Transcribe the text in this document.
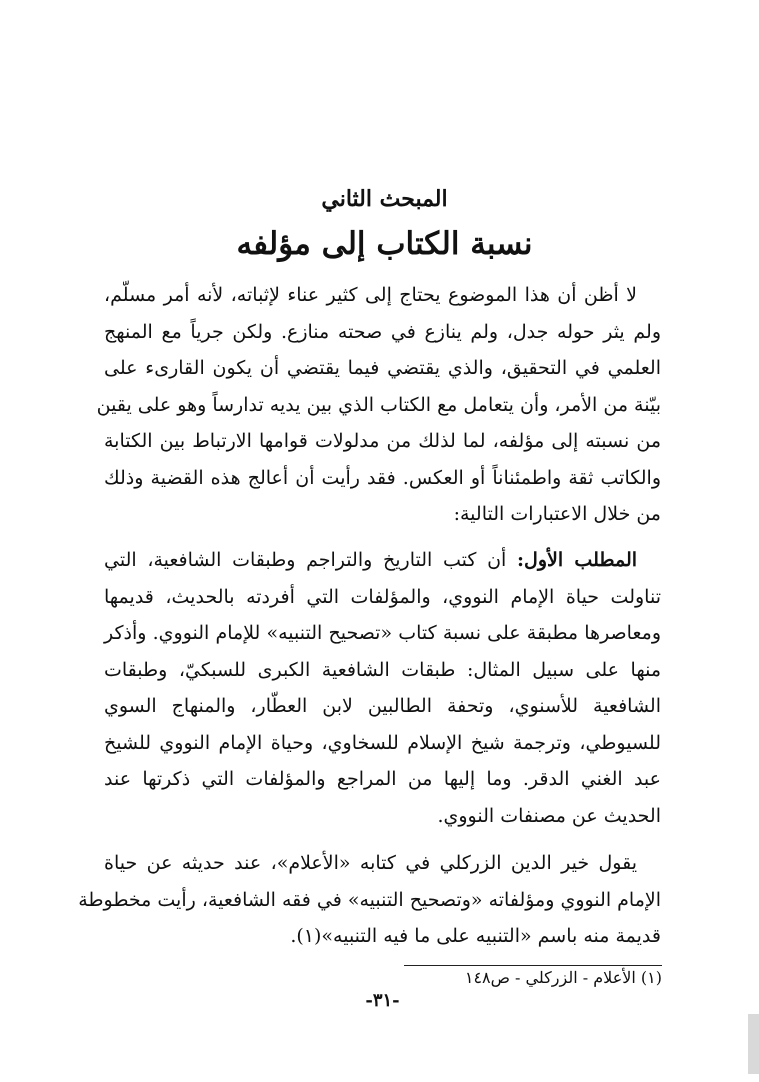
المبحث الثاني
نسبة الكتاب إلى مؤلفه
لا أظن أن هذا الموضوع يحتاج إلى كثير عناء لإثباته، لأنه أمر مسلّم،
ولم يثر حوله جدل، ولم ينازع في صحته منازع. ولكن جرياً مع المنهج
العلمي في التحقيق، والذي يقتضي فيما يقتضي أن يكون القارىء على
بيّنة من الأمر، وأن يتعامل مع الكتاب الذي بين يديه تدارساً وهو على يقين
من نسبته إلى مؤلفه، لما لذلك من مدلولات قوامها الارتباط بين الكتابة
والكاتب ثقة واطمئناناً أو العكس. فقد رأيت أن أعالج هذه القضية وذلك
من خلال الاعتبارات التالية:
المطلب الأول: أن كتب التاريخ والتراجم وطبقات الشافعية، التي
تناولت حياة الإمام النووي، والمؤلفات التي أفردته بالحديث، قديمها
ومعاصرها مطبقة على نسبة كتاب «تصحيح التنبيه» للإمام النووي. وأذكر
منها على سبيل المثال: طبقات الشافعية الكبرى للسبكيّ، وطبقات
الشافعية للأسنوي، وتحفة الطالبين لابن العطّار، والمنهاج السوي
للسيوطي، وترجمة شيخ الإسلام للسخاوي، وحياة الإمام النووي للشيخ
عبد الغني الدقر. وما إليها من المراجع والمؤلفات التي ذكرتها عند
الحديث عن مصنفات النووي.
يقول خير الدين الزركلي في كتابه «الأعلام»، عند حديثه عن حياة
الإمام النووي ومؤلفاته «وتصحيح التنبيه» في فقه الشافعية، رأيت مخطوطة
قديمة منه باسم «التنبيه على ما فيه التنبيه»(١).
(١) الأعلام - الزركلي - ص١٤٨
-٣١-
